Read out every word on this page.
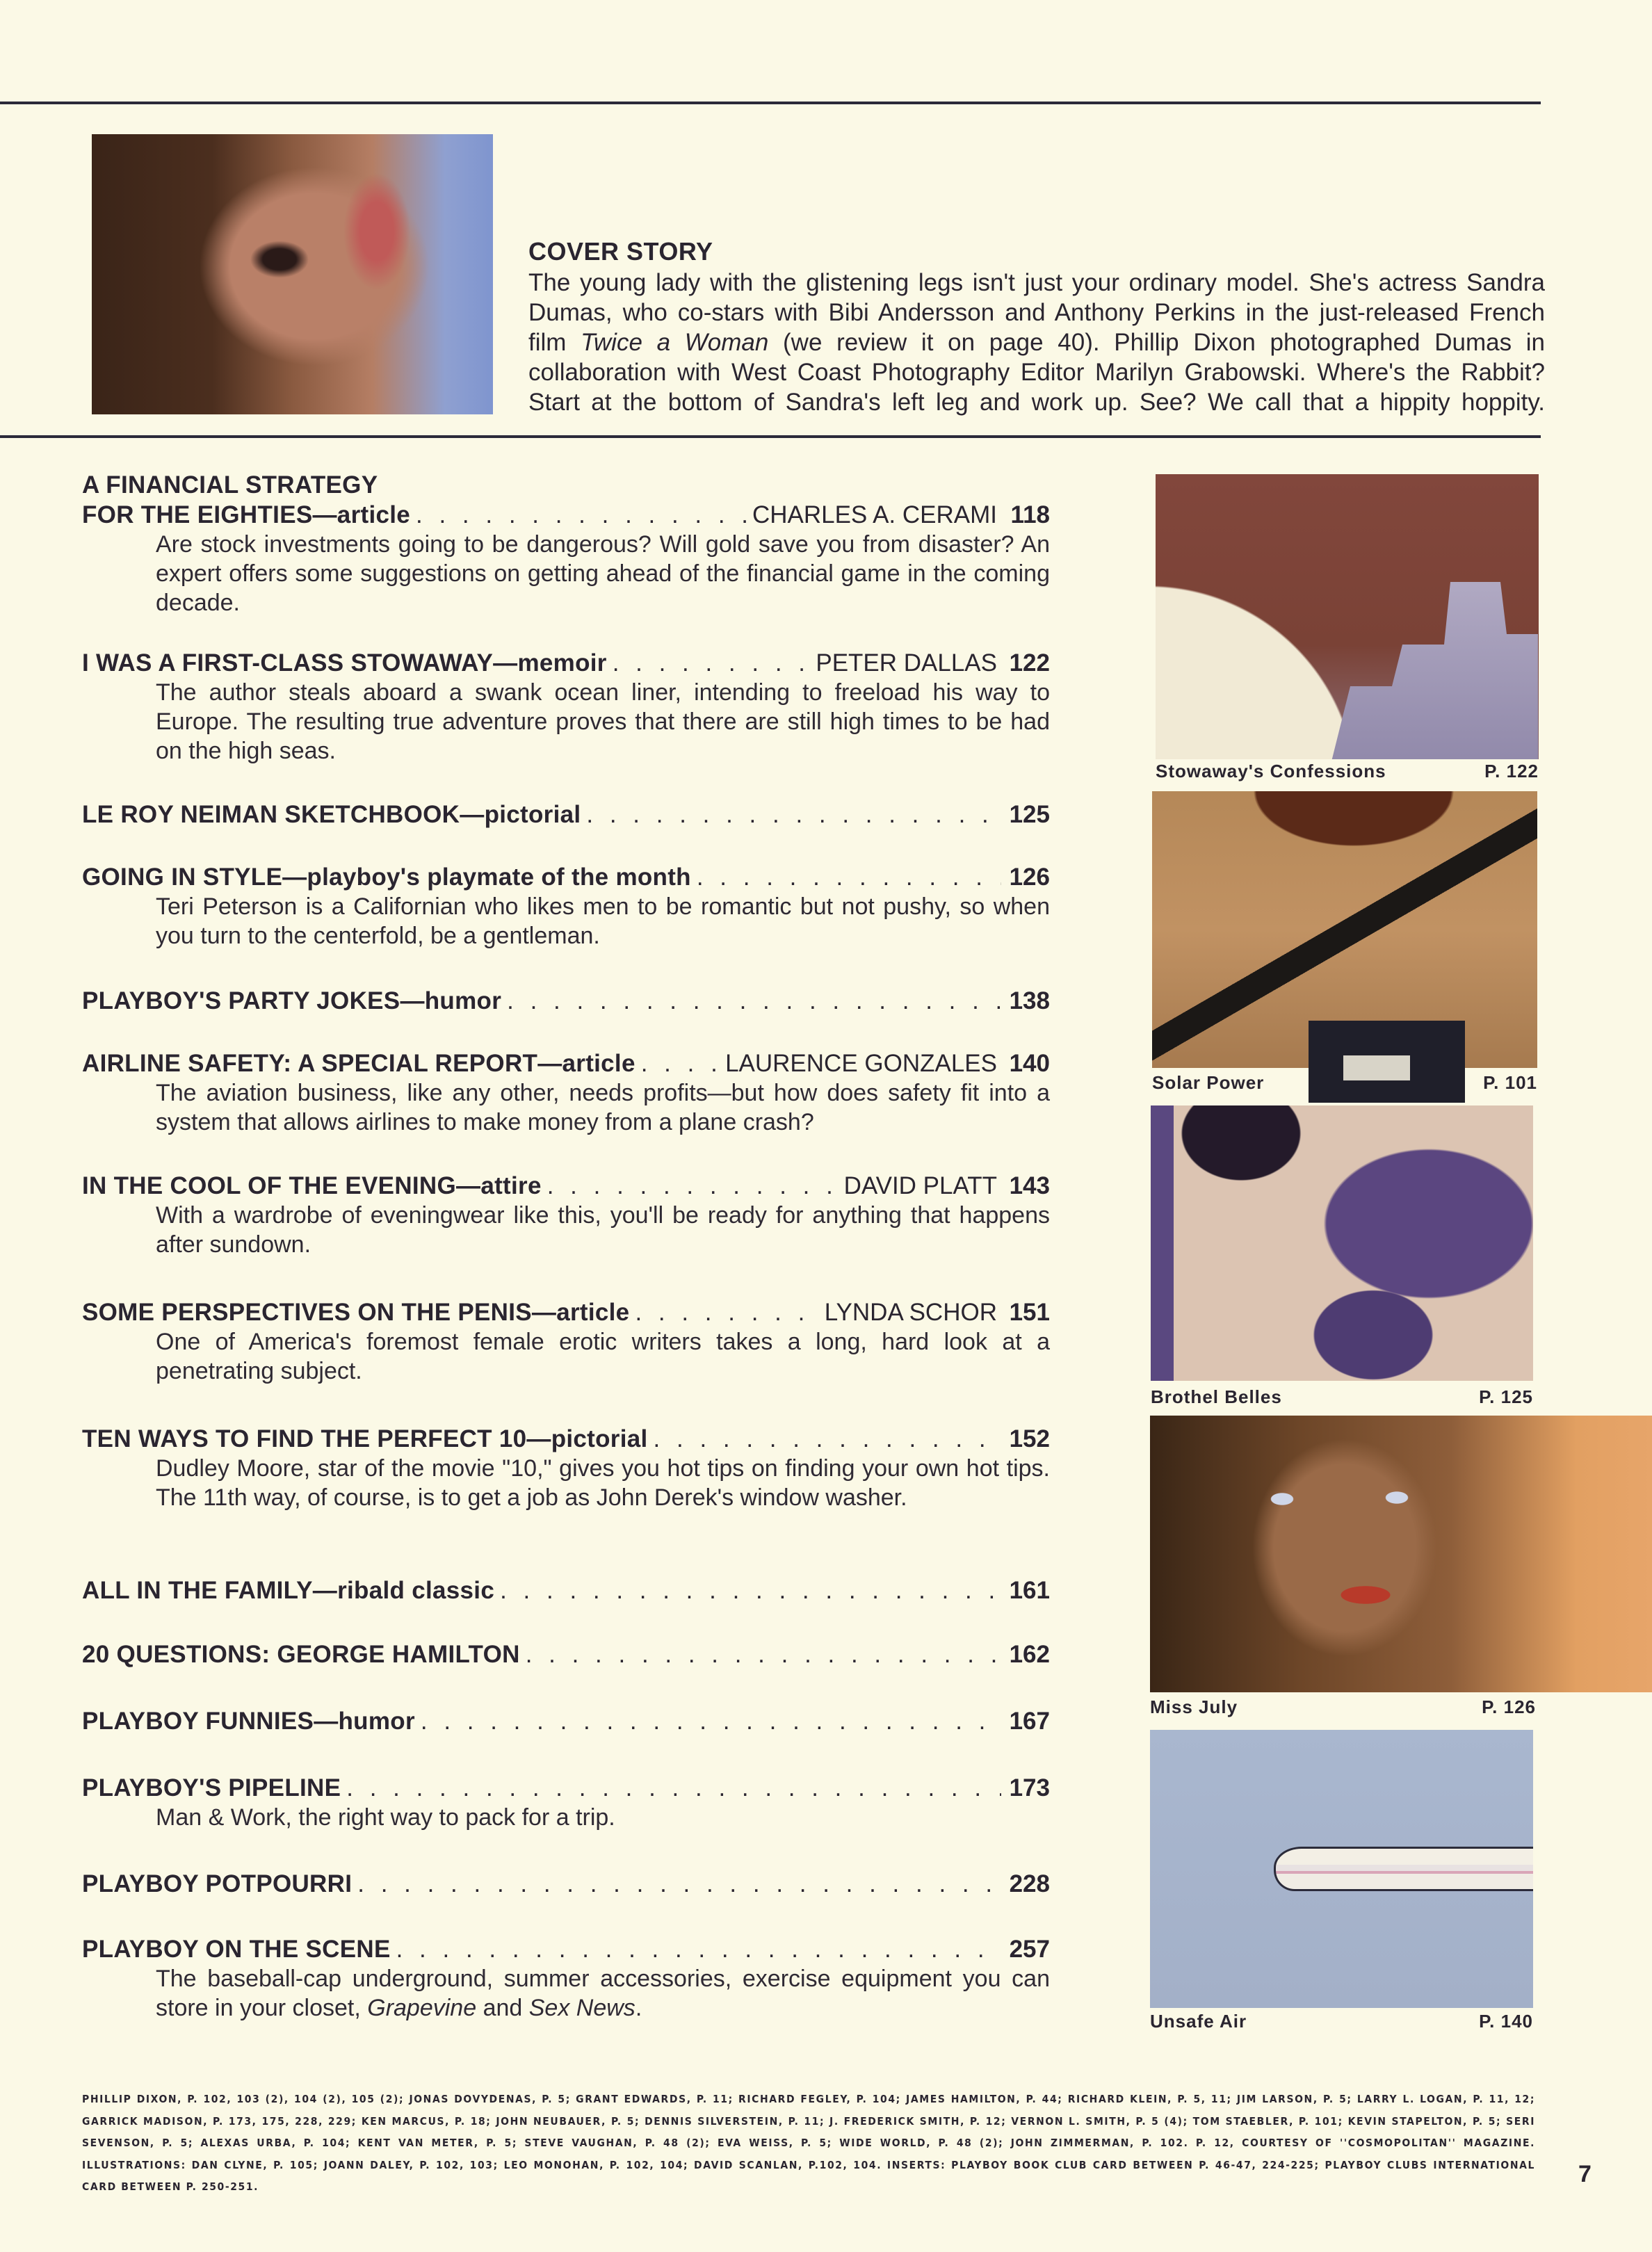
COVER STORY
The young lady with the glistening legs isn't just your ordinary model. She's actress Sandra Dumas, who co-stars with Bibi Andersson and Anthony Perkins in the just-released French film Twice a Woman (we review it on page 40). Phillip Dixon photographed Dumas in collaboration with West Coast Photography Editor Marilyn Grabowski. Where's the Rabbit? Start at the bottom of Sandra's left leg and work up. See? We call that a hippity hoppity.
A FINANCIAL STRATEGY
FOR THE EIGHTIES—article . . .	CHARLES A. CERAMI 118
Are stock investments going to be dangerous? Will gold save you from disaster? An expert offers some suggestions on getting ahead of the financial game in the coming decade.
I WAS A FIRST-CLASS STOWAWAY—memoir . . .	PETER DALLAS 122
The author steals aboard a swank ocean liner, intending to freeload his way to Europe. The resulting true adventure proves that there are still high times to be had on the high seas.
LE ROY NEIMAN SKETCHBOOK—pictorial . . .	125
GOING IN STYLE—playboy's playmate of the month . . .	126
Teri Peterson is a Californian who likes men to be romantic but not pushy, so when you turn to the centerfold, be a gentleman.
PLAYBOY'S PARTY JOKES—humor . . .	138
AIRLINE SAFETY: A SPECIAL REPORT—article . . .	LAURENCE GONZALES 140
The aviation business, like any other, needs profits—but how does safety fit into a system that allows airlines to make money from a plane crash?
IN THE COOL OF THE EVENING—attire . . .	DAVID PLATT 143
With a wardrobe of eveningwear like this, you'll be ready for anything that happens after sundown.
SOME PERSPECTIVES ON THE PENIS—article . . .	LYNDA SCHOR 151
One of America's foremost female erotic writers takes a long, hard look at a penetrating subject.
TEN WAYS TO FIND THE PERFECT 10—pictorial . . .	152
Dudley Moore, star of the movie "10," gives you hot tips on finding your own hot tips. The 11th way, of course, is to get a job as John Derek's window washer.
ALL IN THE FAMILY—ribald classic . . .	161
20 QUESTIONS: GEORGE HAMILTON . . .	162
PLAYBOY FUNNIES—humor . . .	167
PLAYBOY'S PIPELINE . . .	173
Man & Work, the right way to pack for a trip.
PLAYBOY POTPOURRI . . .	228
PLAYBOY ON THE SCENE . . .	257
The baseball-cap underground, summer accessories, exercise equipment you can store in your closet, Grapevine and Sex News.
Stowaway's Confessions	P. 122
Solar Power	P. 101
Brothel Belles	P. 125
Miss July	P. 126
Unsafe Air	P. 140
PHILLIP DIXON, P. 102, 103 (2), 104 (2), 105 (2); JONAS DOVYDENAS, P. 5; GRANT EDWARDS, P. 11; RICHARD FEGLEY, P. 104; JAMES HAMILTON, P. 44; RICHARD KLEIN, P. 5, 11; JIM LARSON, P. 5; LARRY L. LOGAN, P. 11, 12; GARRICK MADISON, P. 173, 175, 228, 229; KEN MARCUS, P. 18; JOHN NEUBAUER, P. 5; DENNIS SILVERSTEIN, P. 11; J. FREDERICK SMITH, P. 12; VERNON L. SMITH, P. 5 (4); TOM STAEBLER, P. 101; KEVIN STAPELTON, P. 5; SERI SEVENSON, P. 5; ALEXAS URBA, P. 104; KENT VAN METER, P. 5; STEVE VAUGHAN, P. 48 (2); EVA WEISS, P. 5; WIDE WORLD, P. 48 (2); JOHN ZIMMERMAN, P. 102. P. 12, COURTESY OF ''COSMOPOLITAN'' MAGAZINE. ILLUSTRATIONS: DAN CLYNE, P. 105; JOANN DALEY, P. 102, 103; LEO MONOHAN, P. 102, 104; DAVID SCANLAN, P.102, 104. INSERTS: PLAYBOY BOOK CLUB CARD BETWEEN P. 46-47, 224-225; PLAYBOY CLUBS INTERNATIONAL CARD BETWEEN P. 250-251.	7
